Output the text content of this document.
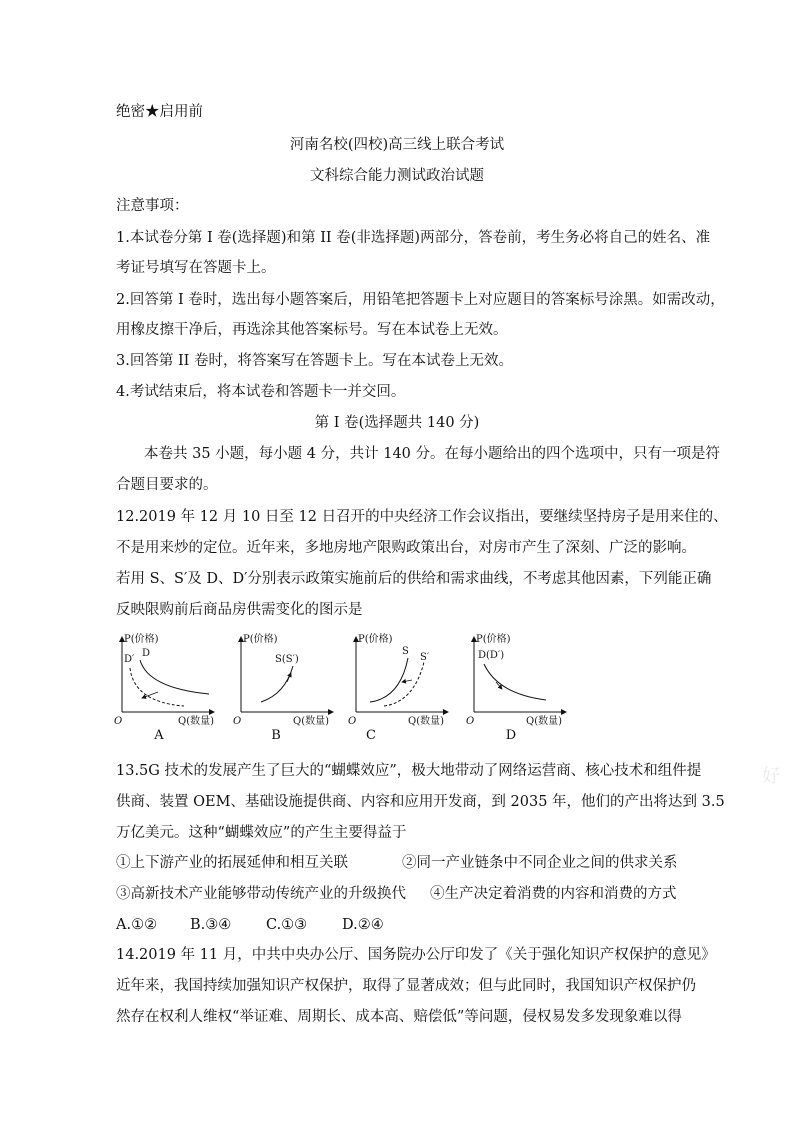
绝密★启用前
河南名校(四校)高三线上联合考试
文科综合能力测试政治试题
注意事项：
1.本试卷分第 I 卷(选择题)和第 II 卷(非选择题)两部分，答卷前，考生务必将自己的姓名、准
考证号填写在答题卡上。
2.回答第 I 卷时，选出每小题答案后，用铅笔把答题卡上对应题目的答案标号涂黑。如需改动，
用橡皮擦干净后，再选涂其他答案标号。写在本试卷上无效。
3.回答第 II 卷时，将答案写在答题卡上。写在本试卷上无效。
4.考试结束后，将本试卷和答题卡一并交回。
第 I 卷(选择题共 140 分)
本卷共 35 小题，每小题 4 分，共计 140 分。在每小题给出的四个选项中，只有一项是符
合题目要求的。
12.2019 年 12 月 10 日至 12 日召开的中央经济工作会议指出，要继续坚持房子是用来住的、
不是用来炒的定位。近年来，多地房地产限购政策出台，对房市产生了深刻、广泛的影响。
若用 S、S′及 D、D′分别表示政策实施前后的供给和需求曲线，不考虑其他因素，下列能正确
反映限购前后商品房供需变化的图示是
P(价格)
Q(数量)
O
D′
D
A
P(价格)
Q(数量)
O
S(S′)
B
P(价格)
Q(数量)
O
S
S′
C
P(价格)
Q(数量)
O
D(D′)
D
13.5G 技术的发展产生了巨大的“蝴蝶效应”，极大地带动了网络运营商、核心技术和组件提
供商、装置 OEM、基础设施提供商、内容和应用开发商，到 2035 年，他们的产出将达到 3.5
万亿美元。这种“蝴蝶效应”的产生主要得益于
①上下游产业的拓展延伸和相互关联	②同一产业链条中不同企业之间的供求关系
③高新技术产业能够带动传统产业的升级换代 ④生产决定着消费的内容和消费的方式
A.①② B.③④ C.①③ D.②④
14.2019 年 11 月，中共中央办公厅、国务院办公厅印发了《关于强化知识产权保护的意见》
近年来，我国持续加强知识产权保护，取得了显著成效；但与此同时，我国知识产权保护仍
然存在权利人维权“举证难、周期长、成本高、赔偿低”等问题，侵权易发多发现象难以得
好
